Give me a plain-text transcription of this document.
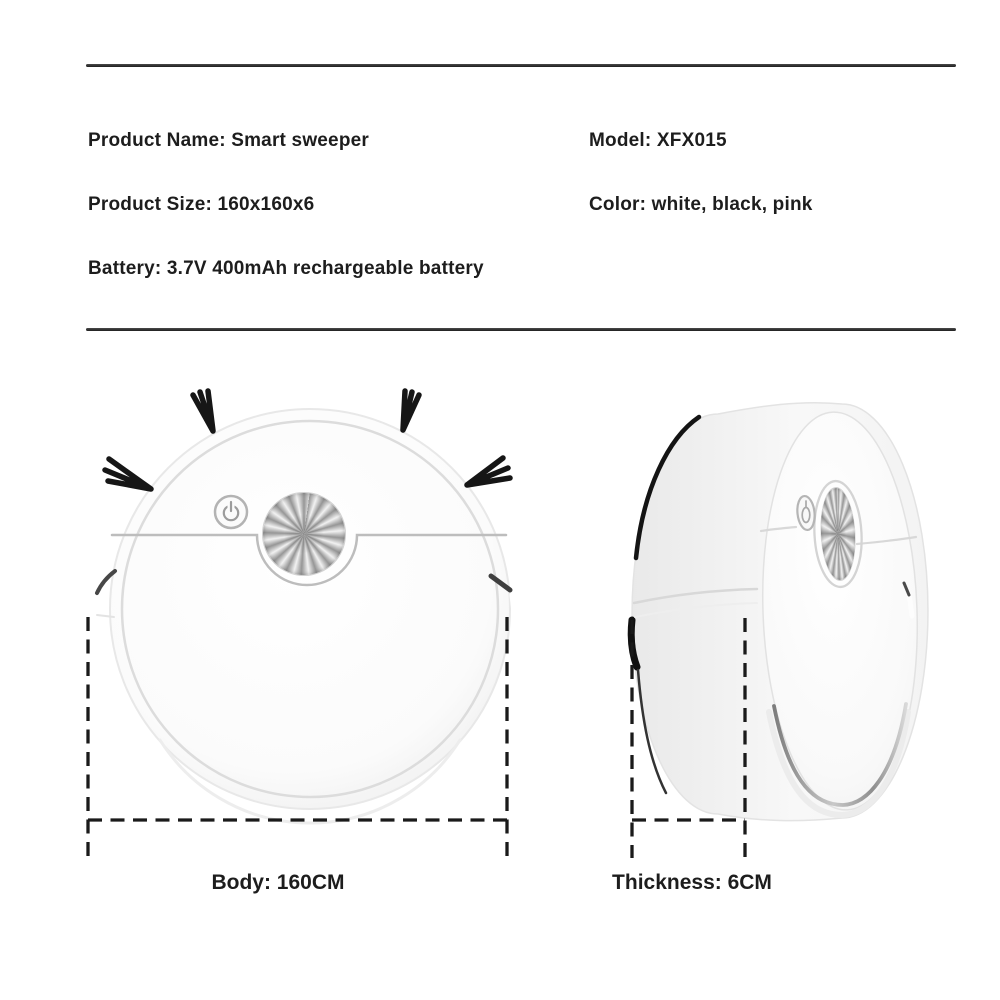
Product Name: Smart sweeper
Product Size: 160x160x6
Battery: 3.7V 400mAh rechargeable battery
Model: XFX015
Color: white, black, pink
Body: 160CM	Thickness: 6CM
